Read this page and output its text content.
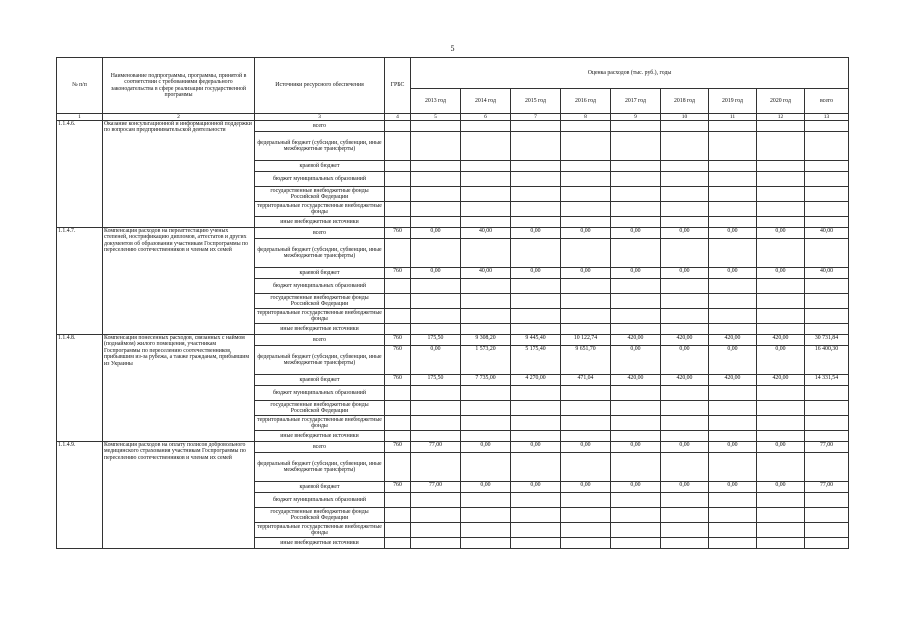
5
№ п/п	Наименование подпрограммы, программы, принятой в соответствии с требованиями федерального законодательства в сфере реализации государственной программы	Источники ресурсного обеспечения	ГРБС	Оценка расходов (тыс. руб.), годы								
				2013 год	2014 год	2015 год	2016 год	2017 год	2018 год	2019 год	2020 год	всего
1	2	3	4	5	6	7	8	9	10	11	12	13
1.1.4.6.	Оказание консультационной и информационной поддержки по вопросам предпринимательской деятельности	всего										
		федеральный бюджет (субсидии, субвенции, иные межбюджетные трансферты)										
		краевой бюджет										
		бюджет муниципальных образований										
		государственные внебюджетные фонды Российской Федерации										
		территориальные государственные внебюджетные фонды										
		иные внебюджетные источники										
1.1.4.7.	Компенсация расходов на переаттестацию ученых степеней, нострификацию дипломов, аттестатов и других документов об образовании участникам Госпрограммы по переселению соотечественников и членам их семей	всего	760	0,00	40,00	0,00	0,00	0,00	0,00	0,00	0,00	40,00
		федеральный бюджет (субсидии, субвенции, иные межбюджетные трансферты)										
		краевой бюджет	760	0,00	40,00	0,00	0,00	0,00	0,00	0,00	0,00	40,00
		бюджет муниципальных образований										
		государственные внебюджетные фонды Российской Федерации										
		территориальные государственные внебюджетные фонды										
		иные внебюджетные источники										
1.1.4.8.	Компенсация понесенных расходов, связанных с наймом (поднаймом) жилого помещения, участникам Госпрограммы по переселению соотечественников, прибывшим из-за рубежа, а также гражданам, прибывшим из Украины	всего	760	175,50	9 308,20	9 445,40	10 122,74	420,00	420,00	420,00	420,00	30 731,84
		федеральный бюджет (субсидии, субвенции, иные межбюджетные трансферты)	760	0,00	1 573,20	5 175,40	9 651,70	0,00	0,00	0,00	0,00	16 400,30
		краевой бюджет	760	175,50	7 735,00	4 270,00	471,04	420,00	420,00	420,00	420,00	14 331,54
		бюджет муниципальных образований										
		государственные внебюджетные фонды Российской Федерации										
		территориальные государственные внебюджетные фонды										
		иные внебюджетные источники										
1.1.4.9.	Компенсация расходов на оплату полисов добровольного медицинского страхования участникам Госпрограммы по переселению соотечественников и членам их семей	всего	760	77,00	0,00	0,00	0,00	0,00	0,00	0,00	0,00	77,00
		федеральный бюджет (субсидии, субвенции, иные межбюджетные трансферты)										
		краевой бюджет	760	77,00	0,00	0,00	0,00	0,00	0,00	0,00	0,00	77,00
		бюджет муниципальных образований										
		государственные внебюджетные фонды Российской Федерации										
		территориальные государственные внебюджетные фонды										
		иные внебюджетные источники										
